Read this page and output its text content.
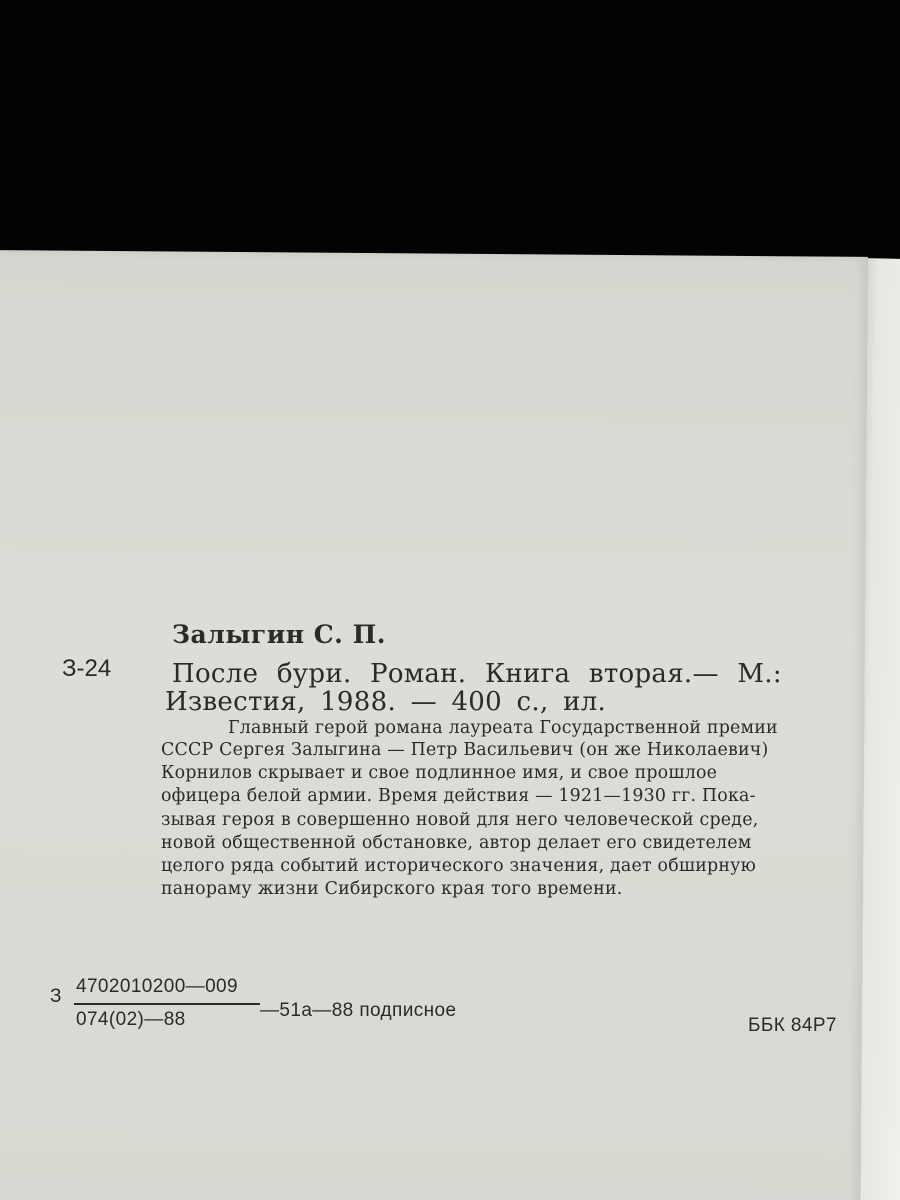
Залыгин С. П.
З-24 После бури. Роман. Книга вторая.— М.:
Известия, 1988. — 400 с., ил.
Главный герой романа лауреата Государственной премии
СССР Сергея Залыгина — Петр Васильевич (он же Николаевич)
Корнилов скрывает и свое подлинное имя, и свое прошлое
офицера белой армии. Время действия — 1921—1930 гг. Пока-
зывая героя в совершенно новой для него человеческой среде,
новой общественной обстановке, автор делает его свидетелем
целого ряда событий исторического значения, дает обширную
панораму жизни Сибирского края того времени.
З 4702010200—009
074(02)—88	—51а—88 подписное
ББК 84Р7
